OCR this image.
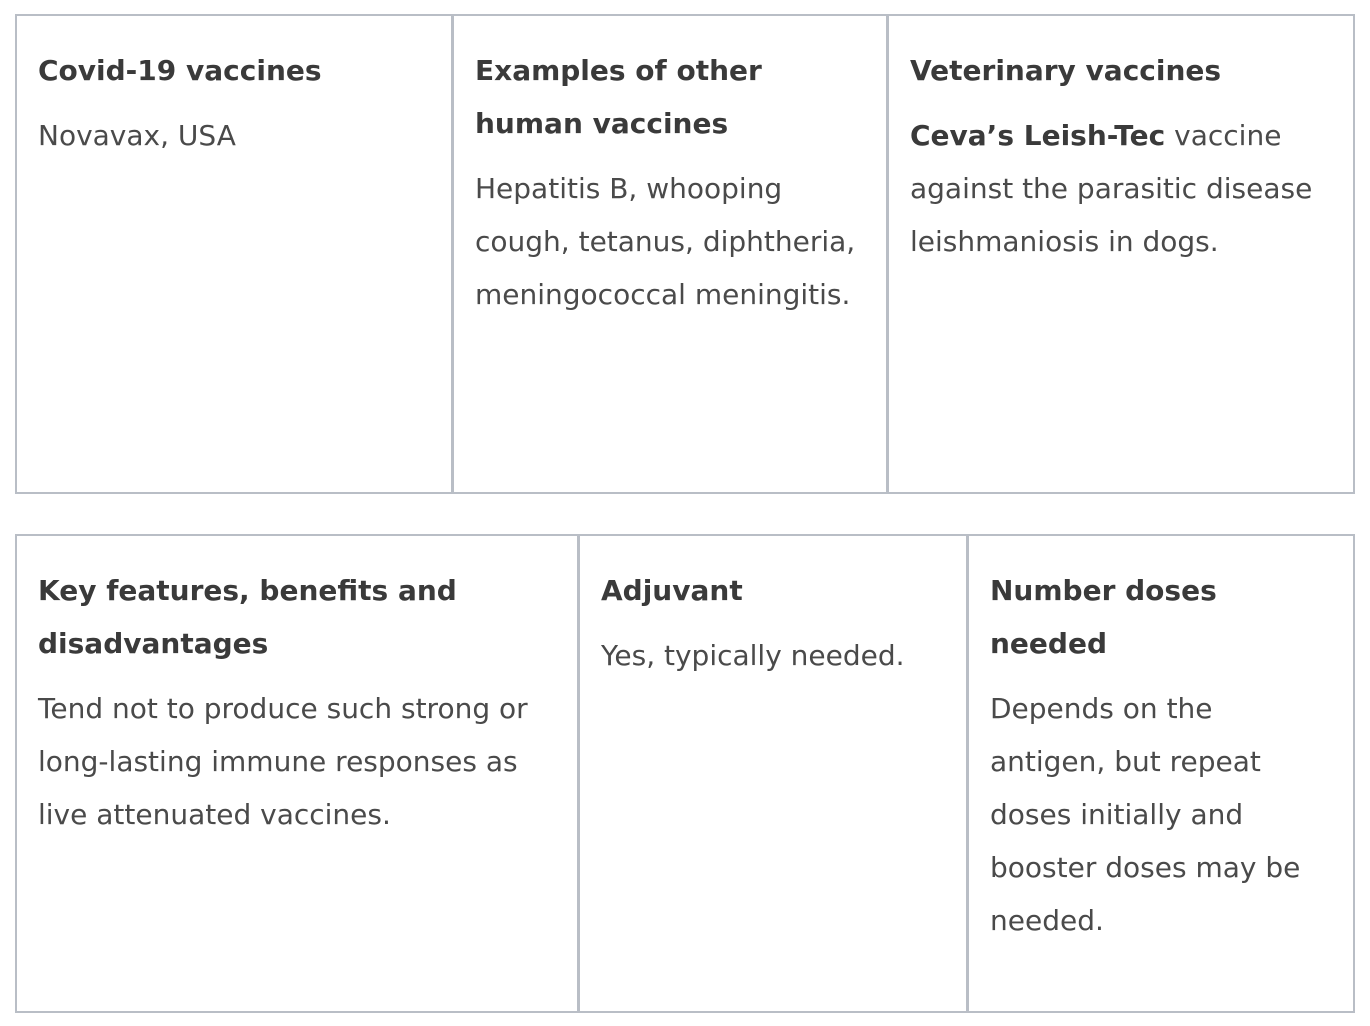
Covid-19 vaccines

Novavax, USA

Examples of other human vaccines

Hepatitis B, whooping cough, tetanus, diphtheria, meningococcal meningitis.

Veterinary vaccines

Ceva’s Leish-Tec vaccine against the parasitic disease leishmaniosis in dogs.

Key features, benefits and disadvantages

Tend not to produce such strong or long-lasting immune responses as live attenuated vaccines.

Adjuvant

Yes, typically needed.

Number doses needed

Depends on the antigen, but repeat doses initially and booster doses may be needed.
